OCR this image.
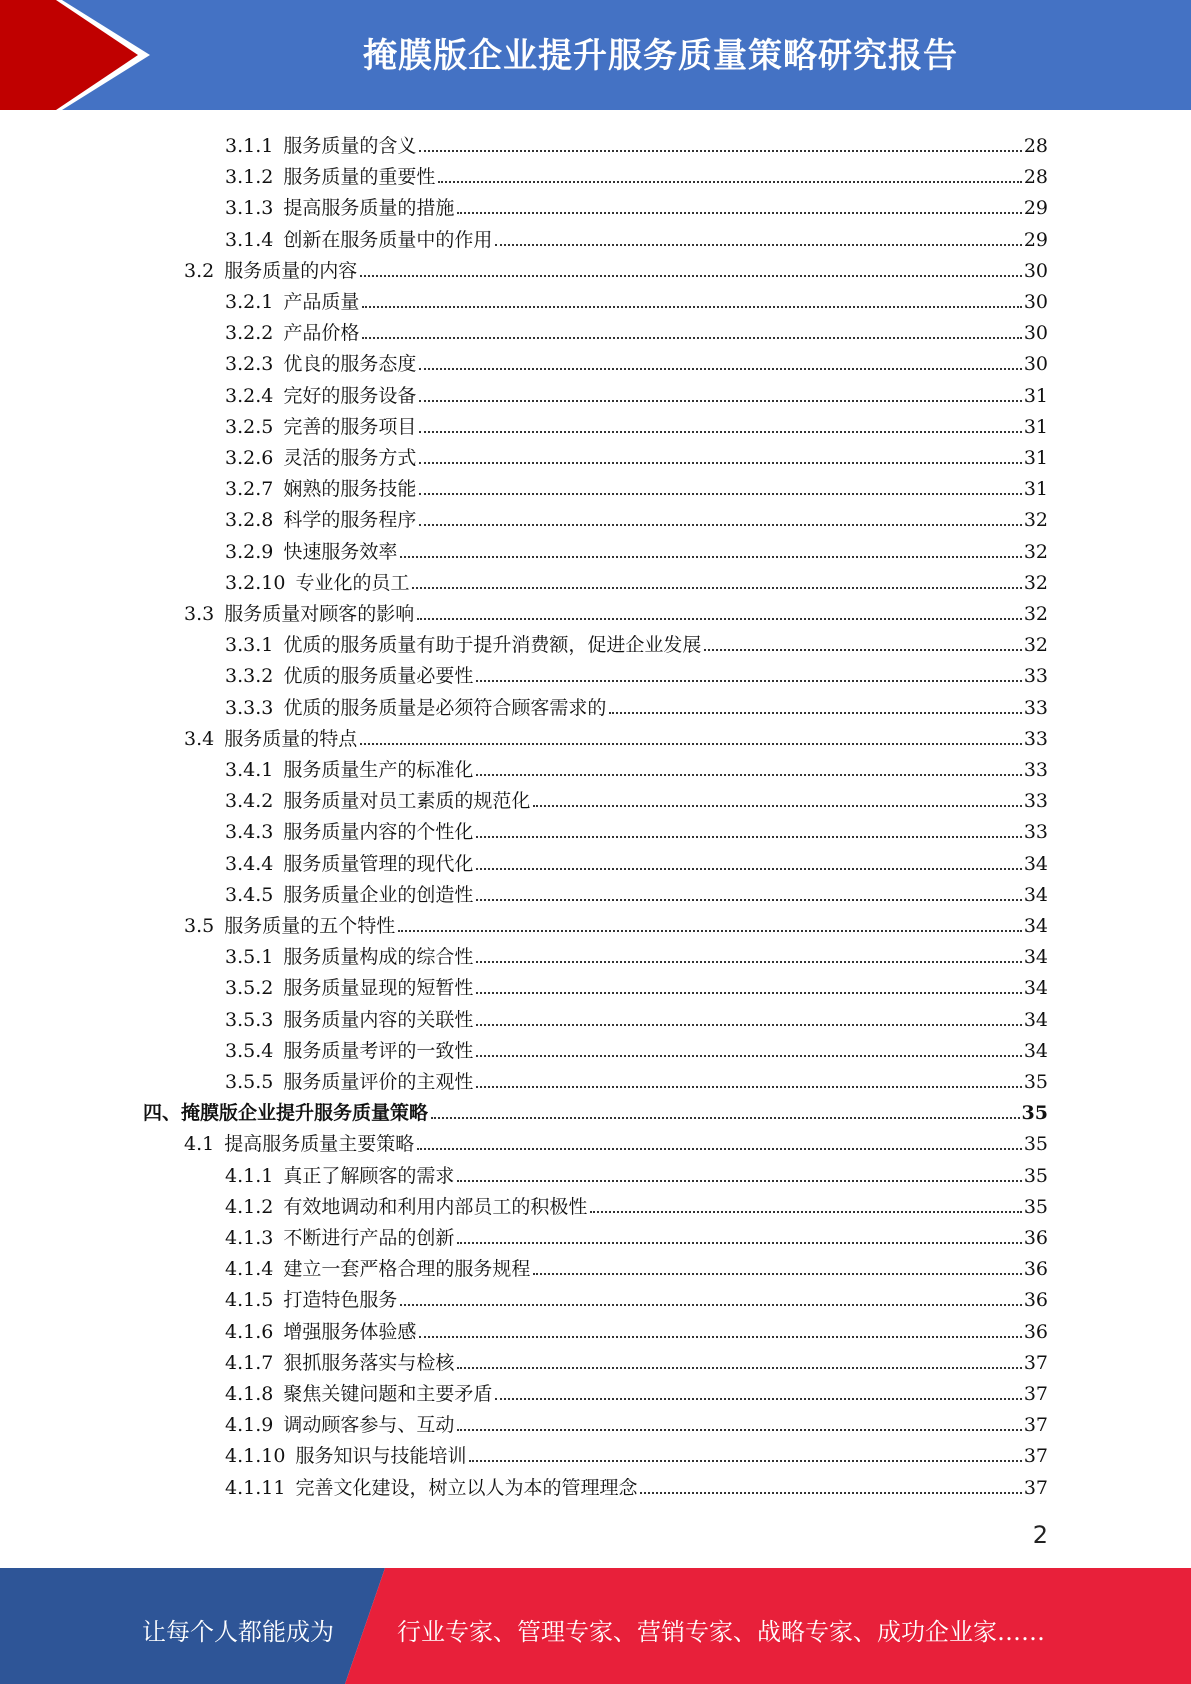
掩膜版企业提升服务质量策略研究报告
3.1.1 服务质量的含义	28
3.1.2 服务质量的重要性	28
3.1.3 提高服务质量的措施	29
3.1.4 创新在服务质量中的作用	29
3.2 服务质量的内容	30
3.2.1 产品质量	30
3.2.2 产品价格	30
3.2.3 优良的服务态度	30
3.2.4 完好的服务设备	31
3.2.5 完善的服务项目	31
3.2.6 灵活的服务方式	31
3.2.7 娴熟的服务技能	31
3.2.8 科学的服务程序	32
3.2.9 快速服务效率	32
3.2.10 专业化的员工	32
3.3 服务质量对顾客的影响	32
3.3.1 优质的服务质量有助于提升消费额，促进企业发展	32
3.3.2 优质的服务质量必要性	33
3.3.3 优质的服务质量是必须符合顾客需求的	33
3.4 服务质量的特点	33
3.4.1 服务质量生产的标准化	33
3.4.2 服务质量对员工素质的规范化	33
3.4.3 服务质量内容的个性化	33
3.4.4 服务质量管理的现代化	34
3.4.5 服务质量企业的创造性	34
3.5 服务质量的五个特性	34
3.5.1 服务质量构成的综合性	34
3.5.2 服务质量显现的短暂性	34
3.5.3 服务质量内容的关联性	34
3.5.4 服务质量考评的一致性	34
3.5.5 服务质量评价的主观性	35
四、 掩膜版企业提升服务质量策略	35
4.1 提高服务质量主要策略	35
4.1.1 真正了解顾客的需求	35
4.1.2 有效地调动和利用内部员工的积极性	35
4.1.3 不断进行产品的创新	36
4.1.4 建立一套严格合理的服务规程	36
4.1.5 打造特色服务	36
4.1.6 增强服务体验感	36
4.1.7 狠抓服务落实与检核	37
4.1.8 聚焦关键问题和主要矛盾	37
4.1.9 调动顾客参与、互动	37
4.1.10 服务知识与技能培训	37
4.1.11 完善文化建设，树立以人为本的管理理念	37
2
让每个人都能成为	行业专家、管理专家、营销专家、战略专家、成功企业家……
